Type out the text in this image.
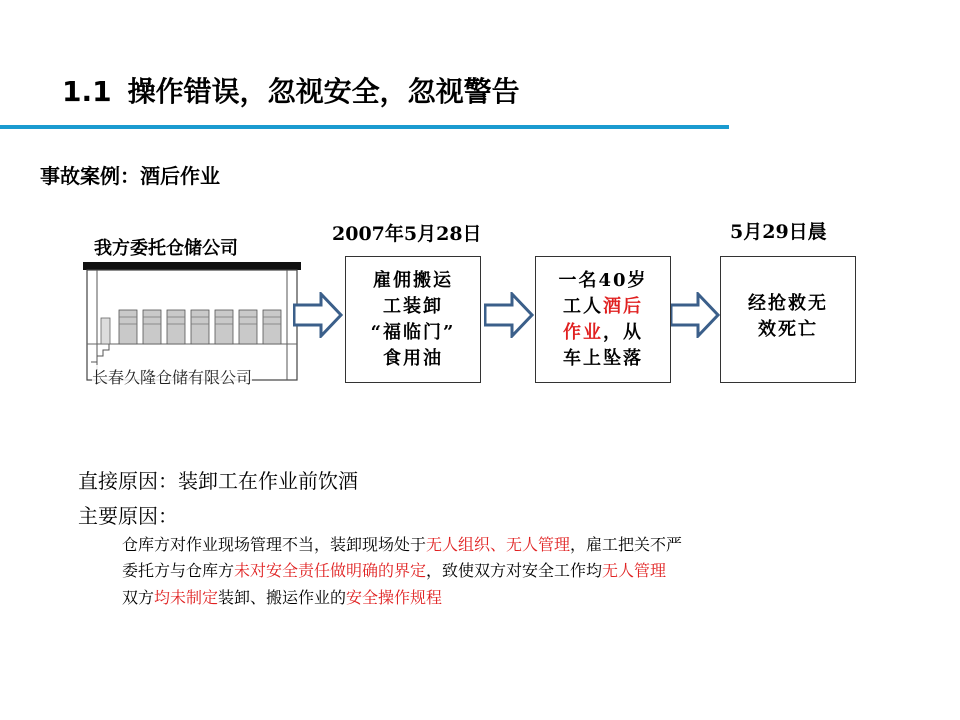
1.1 操作错误，忽视安全，忽视警告
事故案例：酒后作业
我方委托仓储公司
2007年5月28日	5月29日晨
长春久隆仓储有限公司
雇佣搬运
工装卸
“福临门”
食用油
一名40岁
工人酒后
作业，从
车上坠落
经抢救无
效死亡
直接原因：装卸工在作业前饮酒
主要原因：
仓库方对作业现场管理不当，装卸现场处于无人组织、无人管理，雇工把关不严
委托方与仓库方未对安全责任做明确的界定，致使双方对安全工作均无人管理
双方均未制定装卸、搬运作业的安全操作规程
